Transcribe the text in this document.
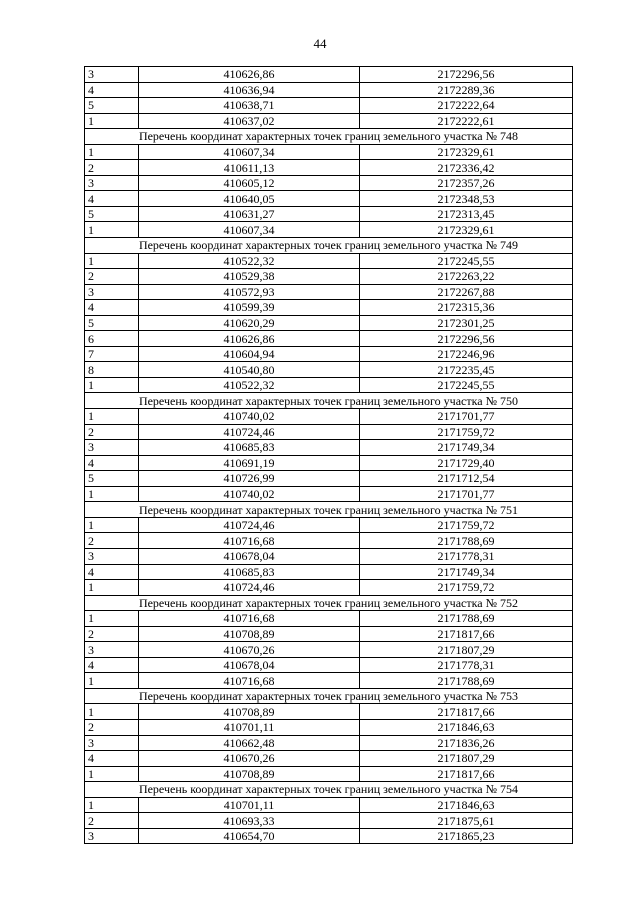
44
3	410626,86	2172296,56
4	410636,94	2172289,36
5	410638,71	2172222,64
1	410637,02	2172222,61
Перечень координат характерных точек границ земельного участка № 748		
1	410607,34	2172329,61
2	410611,13	2172336,42
3	410605,12	2172357,26
4	410640,05	2172348,53
5	410631,27	2172313,45
1	410607,34	2172329,61
Перечень координат характерных точек границ земельного участка № 749		
1	410522,32	2172245,55
2	410529,38	2172263,22
3	410572,93	2172267,88
4	410599,39	2172315,36
5	410620,29	2172301,25
6	410626,86	2172296,56
7	410604,94	2172246,96
8	410540,80	2172235,45
1	410522,32	2172245,55
Перечень координат характерных точек границ земельного участка № 750		
1	410740,02	2171701,77
2	410724,46	2171759,72
3	410685,83	2171749,34
4	410691,19	2171729,40
5	410726,99	2171712,54
1	410740,02	2171701,77
Перечень координат характерных точек границ земельного участка № 751		
1	410724,46	2171759,72
2	410716,68	2171788,69
3	410678,04	2171778,31
4	410685,83	2171749,34
1	410724,46	2171759,72
Перечень координат характерных точек границ земельного участка № 752		
1	410716,68	2171788,69
2	410708,89	2171817,66
3	410670,26	2171807,29
4	410678,04	2171778,31
1	410716,68	2171788,69
Перечень координат характерных точек границ земельного участка № 753		
1	410708,89	2171817,66
2	410701,11	2171846,63
3	410662,48	2171836,26
4	410670,26	2171807,29
1	410708,89	2171817,66
Перечень координат характерных точек границ земельного участка № 754		
1	410701,11	2171846,63
2	410693,33	2171875,61
3	410654,70	2171865,23
